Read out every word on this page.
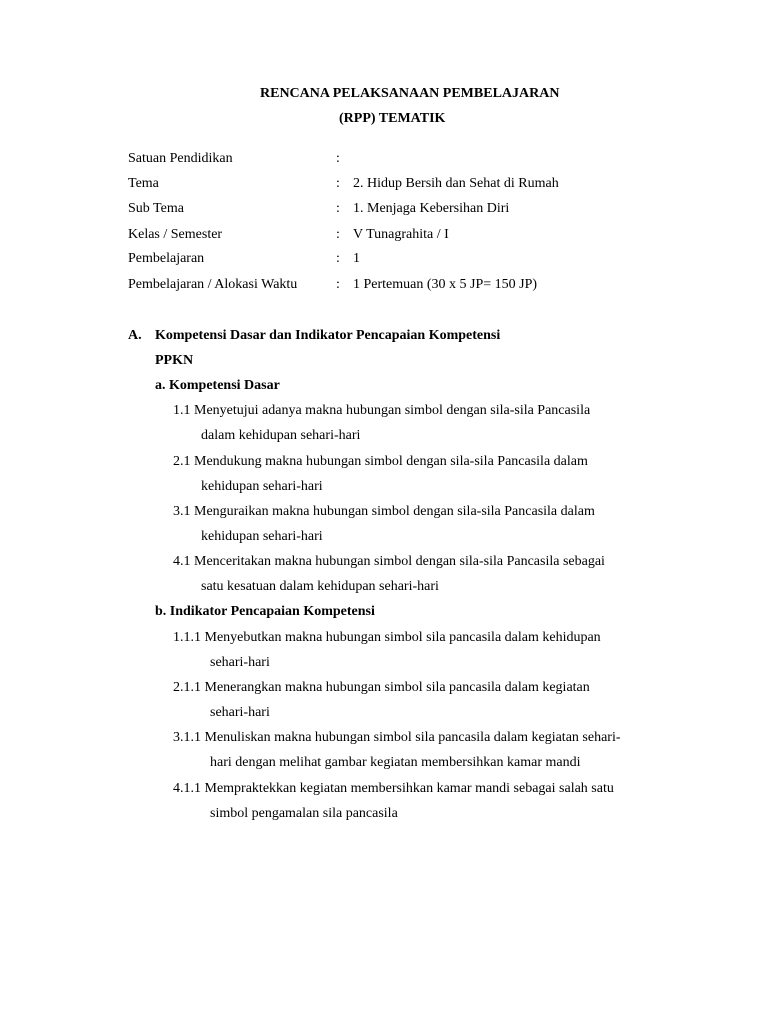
RENCANA PELAKSANAAN PEMBELAJARAN
(RPP) TEMATIK
Satuan Pendidikan	:
Tema	: 2. Hidup Bersih dan Sehat di Rumah
Sub Tema	: 1. Menjaga Kebersihan Diri
Kelas / Semester	: V Tunagrahita / I
Pembelajaran	: 1
Pembelajaran / Alokasi Waktu	: 1 Pertemuan (30 x 5 JP= 150 JP)
A. Kompetensi Dasar dan Indikator Pencapaian Kompetensi
PPKN
a. Kompetensi Dasar
1.1 Menyetujui adanya makna hubungan simbol dengan sila-sila Pancasila
dalam kehidupan sehari-hari
2.1 Mendukung makna hubungan simbol dengan sila-sila Pancasila dalam
kehidupan sehari-hari
3.1 Menguraikan makna hubungan simbol dengan sila-sila Pancasila dalam
kehidupan sehari-hari
4.1 Menceritakan makna hubungan simbol dengan sila-sila Pancasila sebagai
satu kesatuan dalam kehidupan sehari-hari
b. Indikator Pencapaian Kompetensi
1.1.1 Menyebutkan makna hubungan simbol sila pancasila dalam kehidupan
sehari-hari
2.1.1 Menerangkan makna hubungan simbol sila pancasila dalam kegiatan
sehari-hari
3.1.1 Menuliskan makna hubungan simbol sila pancasila dalam kegiatan sehari-
hari dengan melihat gambar kegiatan membersihkan kamar mandi
4.1.1 Mempraktekkan kegiatan membersihkan kamar mandi sebagai salah satu
simbol pengamalan sila pancasila
